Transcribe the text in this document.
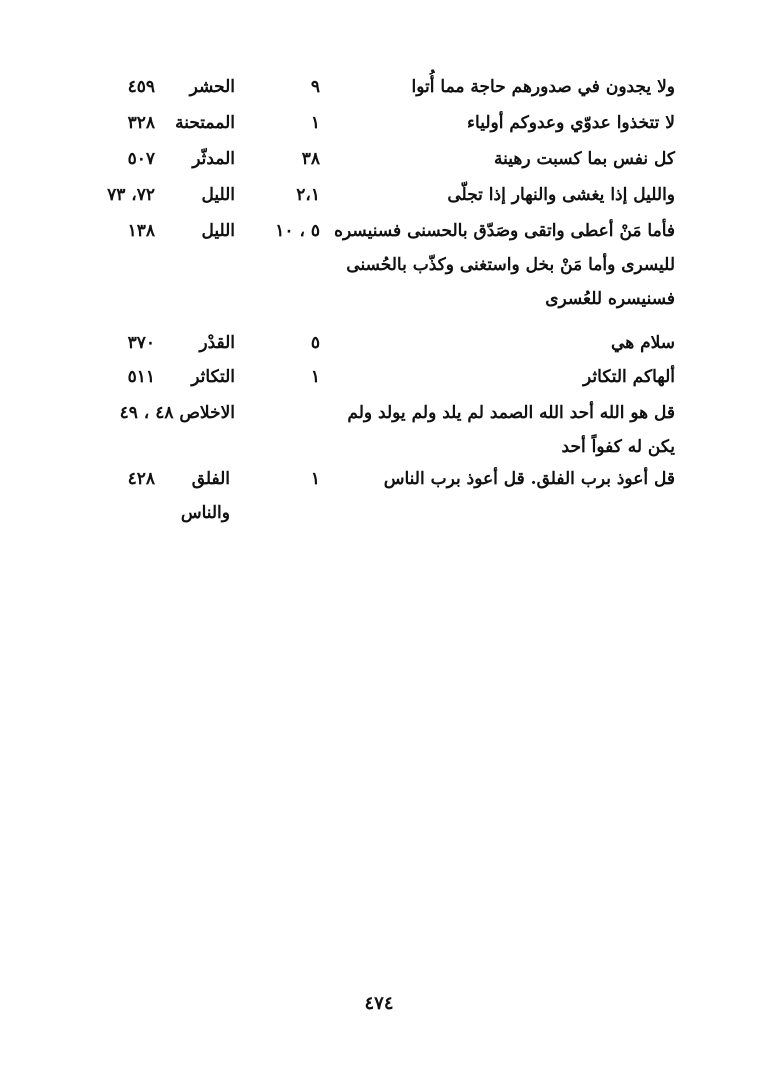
ولا يجدون في صدورهم حاجة مما أُتوا
٩
الحشر
٤٥٩
لا تتخذوا عدوّي وعدوكم أولياء
١
الممتحنة
٣٢٨
كل نفس بما كسبت رهينة
٣٨
المدثّر
٥٠٧
والليل إذا يغشى والنهار إذا تجلّى
٢،١
الليل
٧٢، ٧٣
فأما مَنْ أعطى واتقى وصَدّق بالحسنى فسنيسره لليسرى وأما مَنْ بخل واستغنى وكذّب بالحُسنى فسنيسره للعُسرى
٥ ، ١٠
الليل
١٣٨
سلام هي
٥
القدْر
٣٧٠
ألهاكم التكاثر
١
التكاثر
٥١١
قل هو الله أحد الله الصمد لم يلد ولم يولد ولم يكن له كفواً أحد
الاخلاص ٤٨ ، ٤٩
قل أعوذ برب الفلق. قل أعوذ برب الناس
١
الفلق والناس
٤٢٨
٤٧٤
